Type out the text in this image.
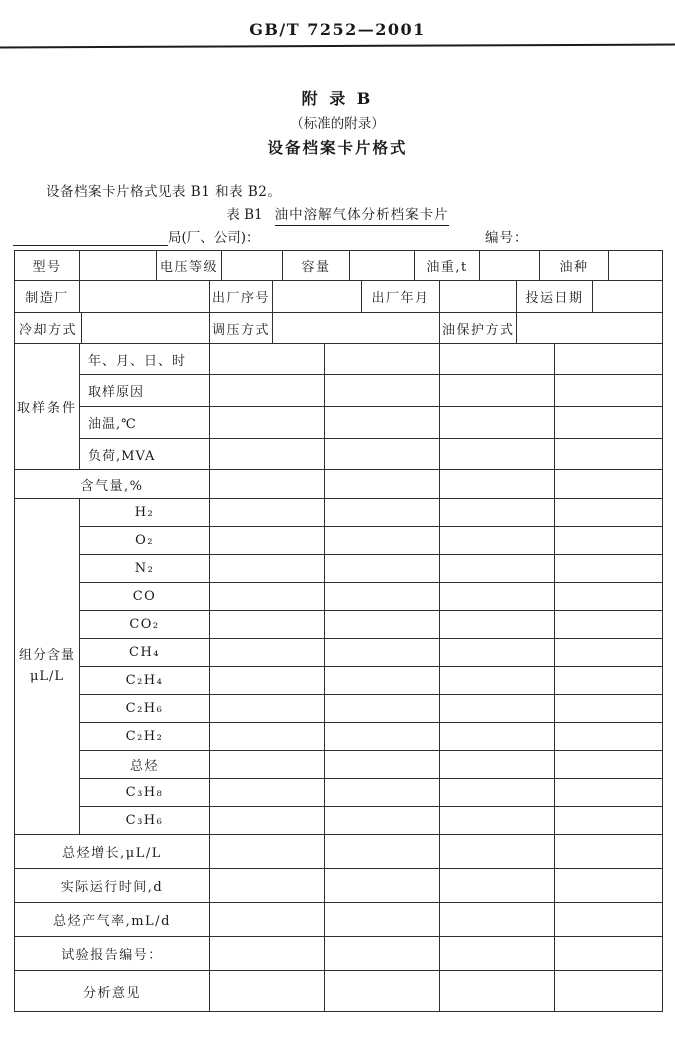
GB/T 7252—2001
附 录 B
（标准的附录）
设备档案卡片格式
设备档案卡片格式见表 B1 和表 B2。
表 B1 油中溶解气体分析档案卡片
局(厂、公司)：	编号：
型号		电压等级		容量		油重,t		油种	
制造厂		出厂序号		出厂年月		投运日期	
冷却方式		调压方式		油保护方式	
取样条件	年、月、日、时				
	取样原因				
	油温,℃				
	负荷,MVA				
含气量,%					

组分含量
μL/L	H₂				
	O₂				
	N₂				
	CO				
	CO₂				
	CH₄				
	C₂H₄				
	C₂H₆				
	C₂H₂				
	总烃				
	C₃H₈				
	C₃H₆				
总烃增长,μL/L					
实际运行时间,d					
总烃产气率,mL/d					
试验报告编号：					
分析意见					
